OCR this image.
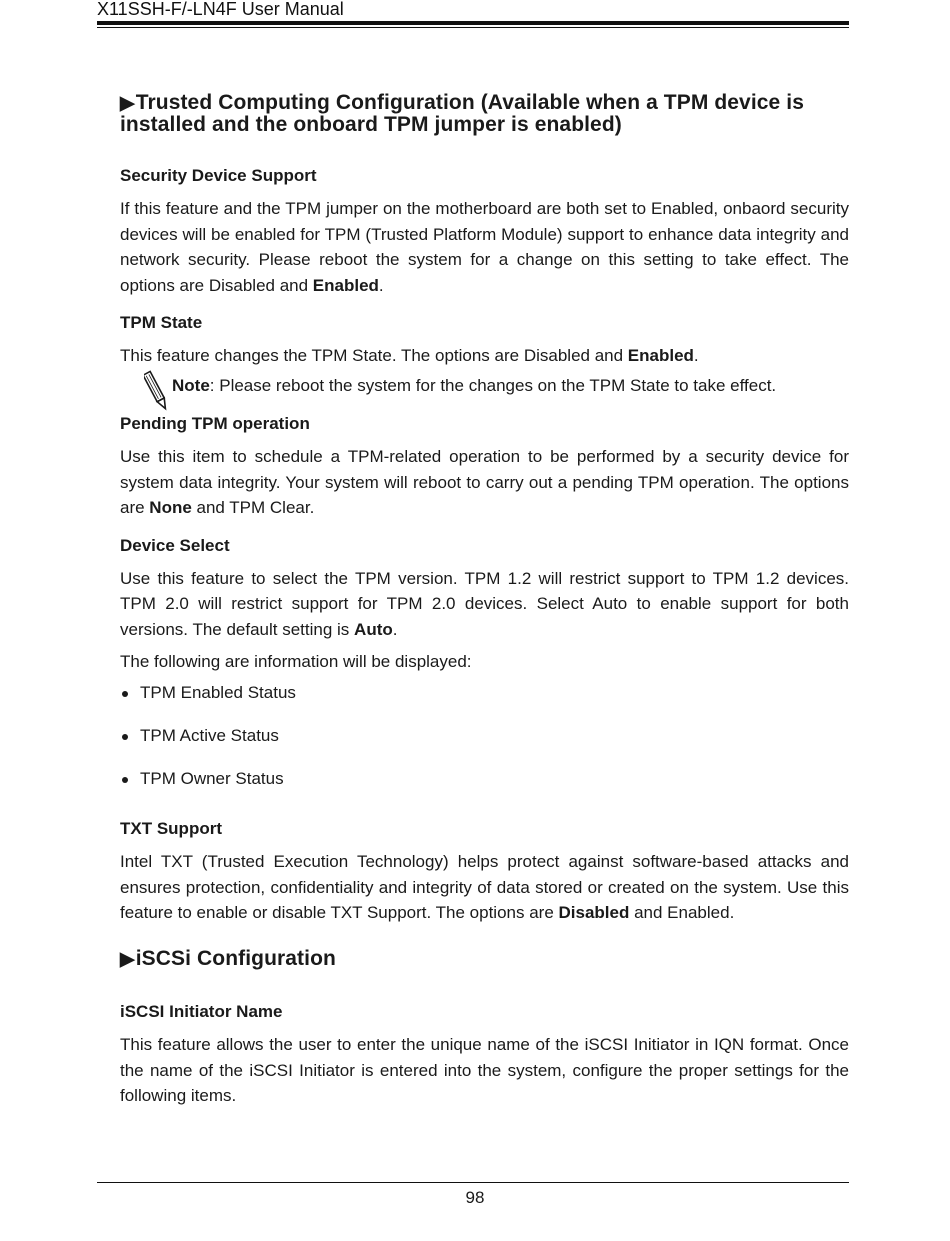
X11SSH-F/-LN4F User Manual
▶Trusted Computing Configuration (Available when a TPM device is installed and the onboard TPM jumper is enabled)
Security Device Support

If this feature and the TPM jumper on the motherboard are both set to Enabled, onbaord security devices will be enabled for TPM (Trusted Platform Module) support to enhance data integrity and network security. Please reboot the system for a change on this setting to take effect. The options are Disabled and Enabled.

TPM State

This feature changes the TPM State. The options are Disabled and Enabled.

Note: Please reboot the system for the changes on the TPM State to take effect.
Pending TPM operation

Use this item to schedule a TPM-related operation to be performed by a security device for system data integrity. Your system will reboot to carry out a pending TPM operation. The options are None and TPM Clear.

Device Select

Use this feature to select the TPM version. TPM 1.2 will restrict support to TPM 1.2 devices. TPM 2.0 will restrict support for TPM 2.0 devices. Select Auto to enable support for both versions. The default setting is Auto.

The following are information will be displayed:

TPM Enabled Status
TPM Active Status
TPM Owner Status
TXT Support

Intel TXT (Trusted Execution Technology) helps protect against software-based attacks and ensures protection, confidentiality and integrity of data stored or created on the system. Use this feature to enable or disable TXT Support. The options are Disabled and Enabled.

▶iSCSi Configuration
iSCSI Initiator Name

This feature allows the user to enter the unique name of the iSCSI Initiator in IQN format. Once the name of the iSCSI Initiator is entered into the system, configure the proper settings for the following items.

98
